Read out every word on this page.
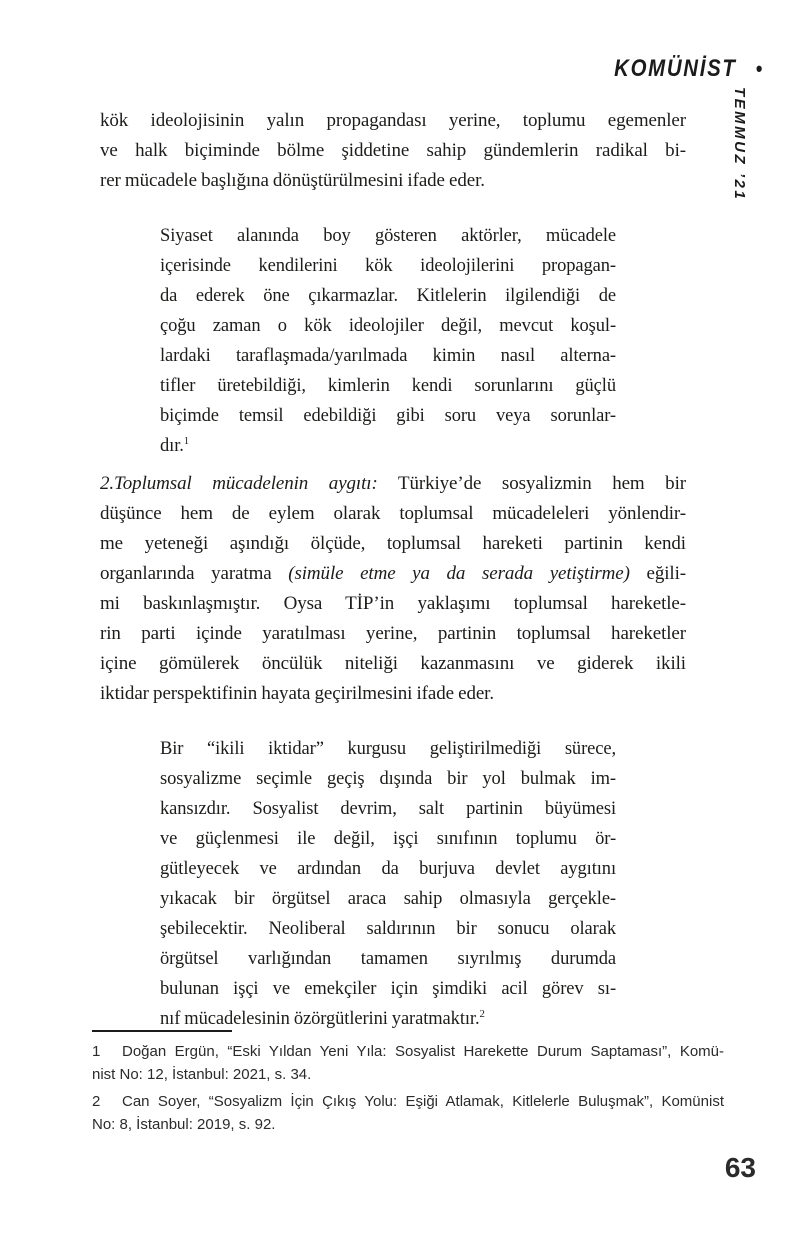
KOMÜNİST •
TEMMUZ ’21
kök ideolojisinin yalın propagandası yerine, toplumu egemenler
ve halk biçiminde bölme şiddetine sahip gündemlerin radikal bi-
rer mücadele başlığına dönüştürülmesini ifade eder.
Siyaset alanında boy gösteren aktörler, mücadele
içerisinde kendilerini kök ideolojilerini propagan-
da ederek öne çıkarmazlar. Kitlelerin ilgilendiği de
çoğu zaman o kök ideolojiler değil, mevcut koşul-
lardaki taraflaşmada/yarılmada kimin nasıl alterna-
tifler üretebildiği, kimlerin kendi sorunlarını güçlü
biçimde temsil edebildiği gibi soru veya sorunlar-
dır.$^1$
2.Toplumsal mücadelenin aygıtı: Türkiye’de sosyalizmin hem bir
düşünce hem de eylem olarak toplumsal mücadeleleri yönlendir-
me yeteneği aşındığı ölçüde, toplumsal hareketi partinin kendi
organlarında yaratma (simüle etme ya da serada yetiştirme) eğili-
mi baskınlaşmıştır. Oysa TİP’in yaklaşımı toplumsal hareketle-
rin parti içinde yaratılması yerine, partinin toplumsal hareketler
içine gömülerek öncülük niteliği kazanmasını ve giderek ikili
iktidar perspektifinin hayata geçirilmesini ifade eder.
Bir “ikili iktidar” kurgusu geliştirilmediği sürece,
sosyalizme seçimle geçiş dışında bir yol bulmak im-
kansızdır. Sosyalist devrim, salt partinin büyümesi
ve güçlenmesi ile değil, işçi sınıfının toplumu ör-
gütleyecek ve ardından da burjuva devlet aygıtını
yıkacak bir örgütsel araca sahip olmasıyla gerçekle-
şebilecektir. Neoliberal saldırının bir sonucu olarak
örgütsel varlığından tamamen sıyrılmış durumda
bulunan işçi ve emekçiler için şimdiki acil görev sı-
nıf mücadelesinin özörgütlerini yaratmaktır.$^2$
1 Doğan Ergün, “Eski Yıldan Yeni Yıla: Sosyalist Harekette Durum Saptaması”, Komü-
nist No: 12, İstanbul: 2021, s. 34.
2 Can Soyer, “Sosyalizm İçin Çıkış Yolu: Eşiği Atlamak, Kitlelerle Buluşmak”, Komünist
No: 8, İstanbul: 2019, s. 92.
63
